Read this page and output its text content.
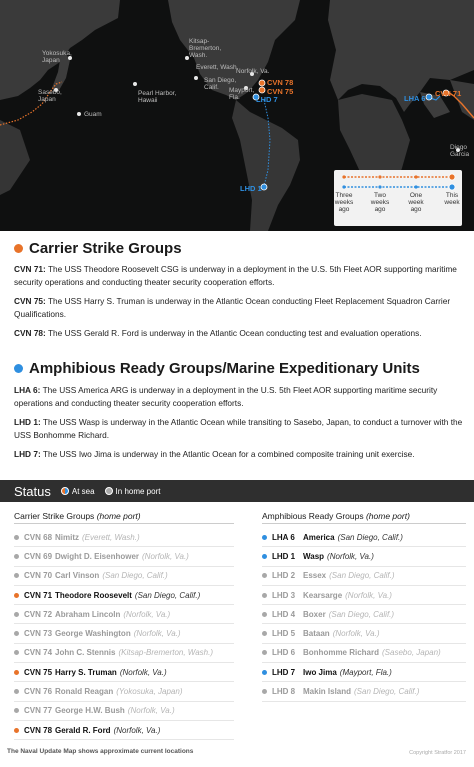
Yokosuka,
Japan
Sasebo,
Japan
Guam
Pearl Harbor,
Hawaii
Kitsap-
Bremerton,
Wash.
Everett, Wash.
San Diego,
Calif.
Norfolk, Va.
Mayport,
Fla.
Diego
Garcia
CVN 78
CVN 75
LHD 7
LHD 1
LHA 6
CVN 71
Three weeks ago
Two weeks ago
One week ago
This week
Carrier Strike Groups
CVN 71: The USS Theodore Roosevelt CSG is underway in a deployment in the U.S. 5th Fleet AOR supporting maritime security operations and conducting theater security cooperation efforts.
CVN 75: The USS Harry S. Truman is underway in the Atlantic Ocean conducting Fleet Replacement Squadron Carrier Qualifications.
CVN 78: The USS Gerald R. Ford is underway in the Atlantic Ocean conducting test and evaluation operations.
Amphibious Ready Groups/Marine Expeditionary Units
LHA 6: The USS America ARG is underway in a deployment in the U.S. 5th Fleet AOR supporting maritime security operations and conducting theater security cooperation efforts.
LHD 1: The USS Wasp is underway in the Atlantic Ocean while transiting to Sasebo, Japan, to conduct a turnover with the USS Bonhomme Richard.
LHD 7: The USS Iwo Jima is underway in the Atlantic Ocean for a combined composite training unit exercise.
Status	At sea	In home port
Carrier Strike Groups (home port)
CVN 68 Nimitz (Everett, Wash.)
CVN 69 Dwight D. Eisenhower (Norfolk, Va.)
CVN 70 Carl Vinson (San Diego, Calif.)
CVN 71 Theodore Roosevelt (San Diego, Calif.)
CVN 72 Abraham Lincoln (Norfolk, Va.)
CVN 73 George Washington (Norfolk, Va.)
CVN 74 John C. Stennis (Kitsap-Bremerton, Wash.)
CVN 75 Harry S. Truman (Norfolk, Va.)
CVN 76 Ronald Reagan (Yokosuka, Japan)
CVN 77 George H.W. Bush (Norfolk, Va.)
CVN 78 Gerald R. Ford (Norfolk, Va.)
Amphibious Ready Groups (home port)
LHA 6	America (San Diego, Calif.)
LHD 1 Wasp (Norfolk, Va.)
LHD 2 Essex (San Diego, Calif.)
LHD 3 Kearsarge (Norfolk, Va.)
LHD 4 Boxer (San Diego, Calif.)
LHD 5 Bataan (Norfolk, Va.)
LHD 6 Bonhomme Richard (Sasebo, Japan)
LHD 7 Iwo Jima (Mayport, Fla.)
LHD 8 Makin Island (San Diego, Calif.)
The Naval Update Map shows approximate current locations	Copyright Stratfor 2017
